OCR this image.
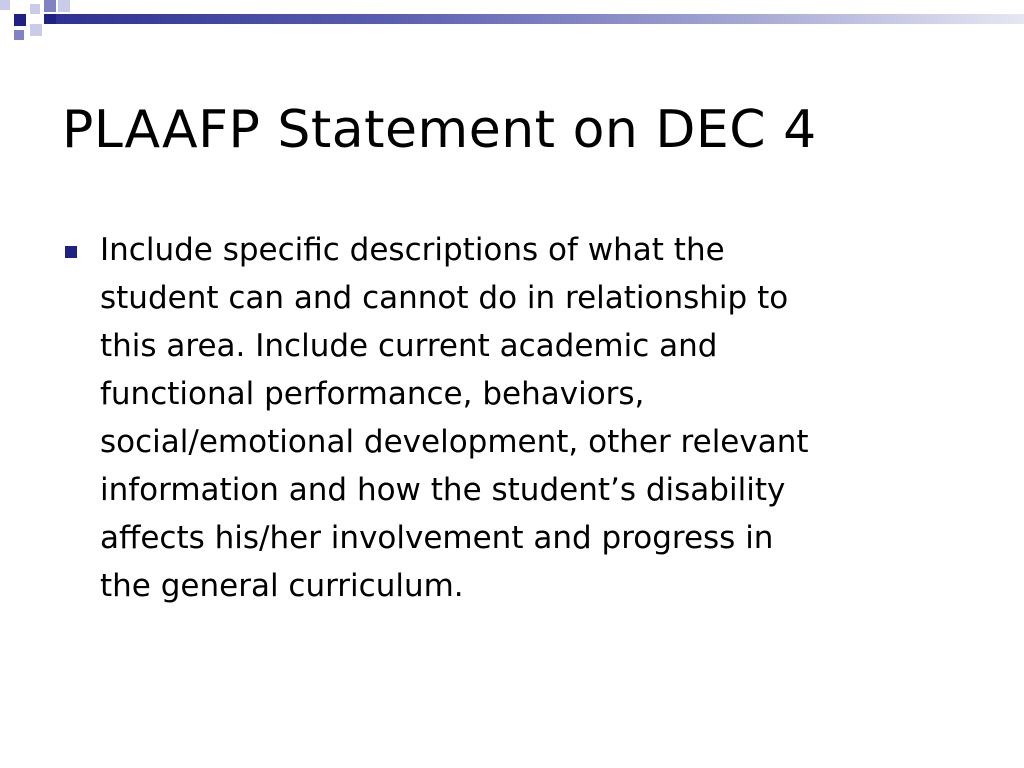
PLAAFP Statement on DEC 4
Include specific descriptions of what the
student can and cannot do in relationship to
this area. Include current academic and
functional performance, behaviors,
social/emotional development, other relevant
information and how the student’s disability
affects his/her involvement and progress in
the general curriculum.
